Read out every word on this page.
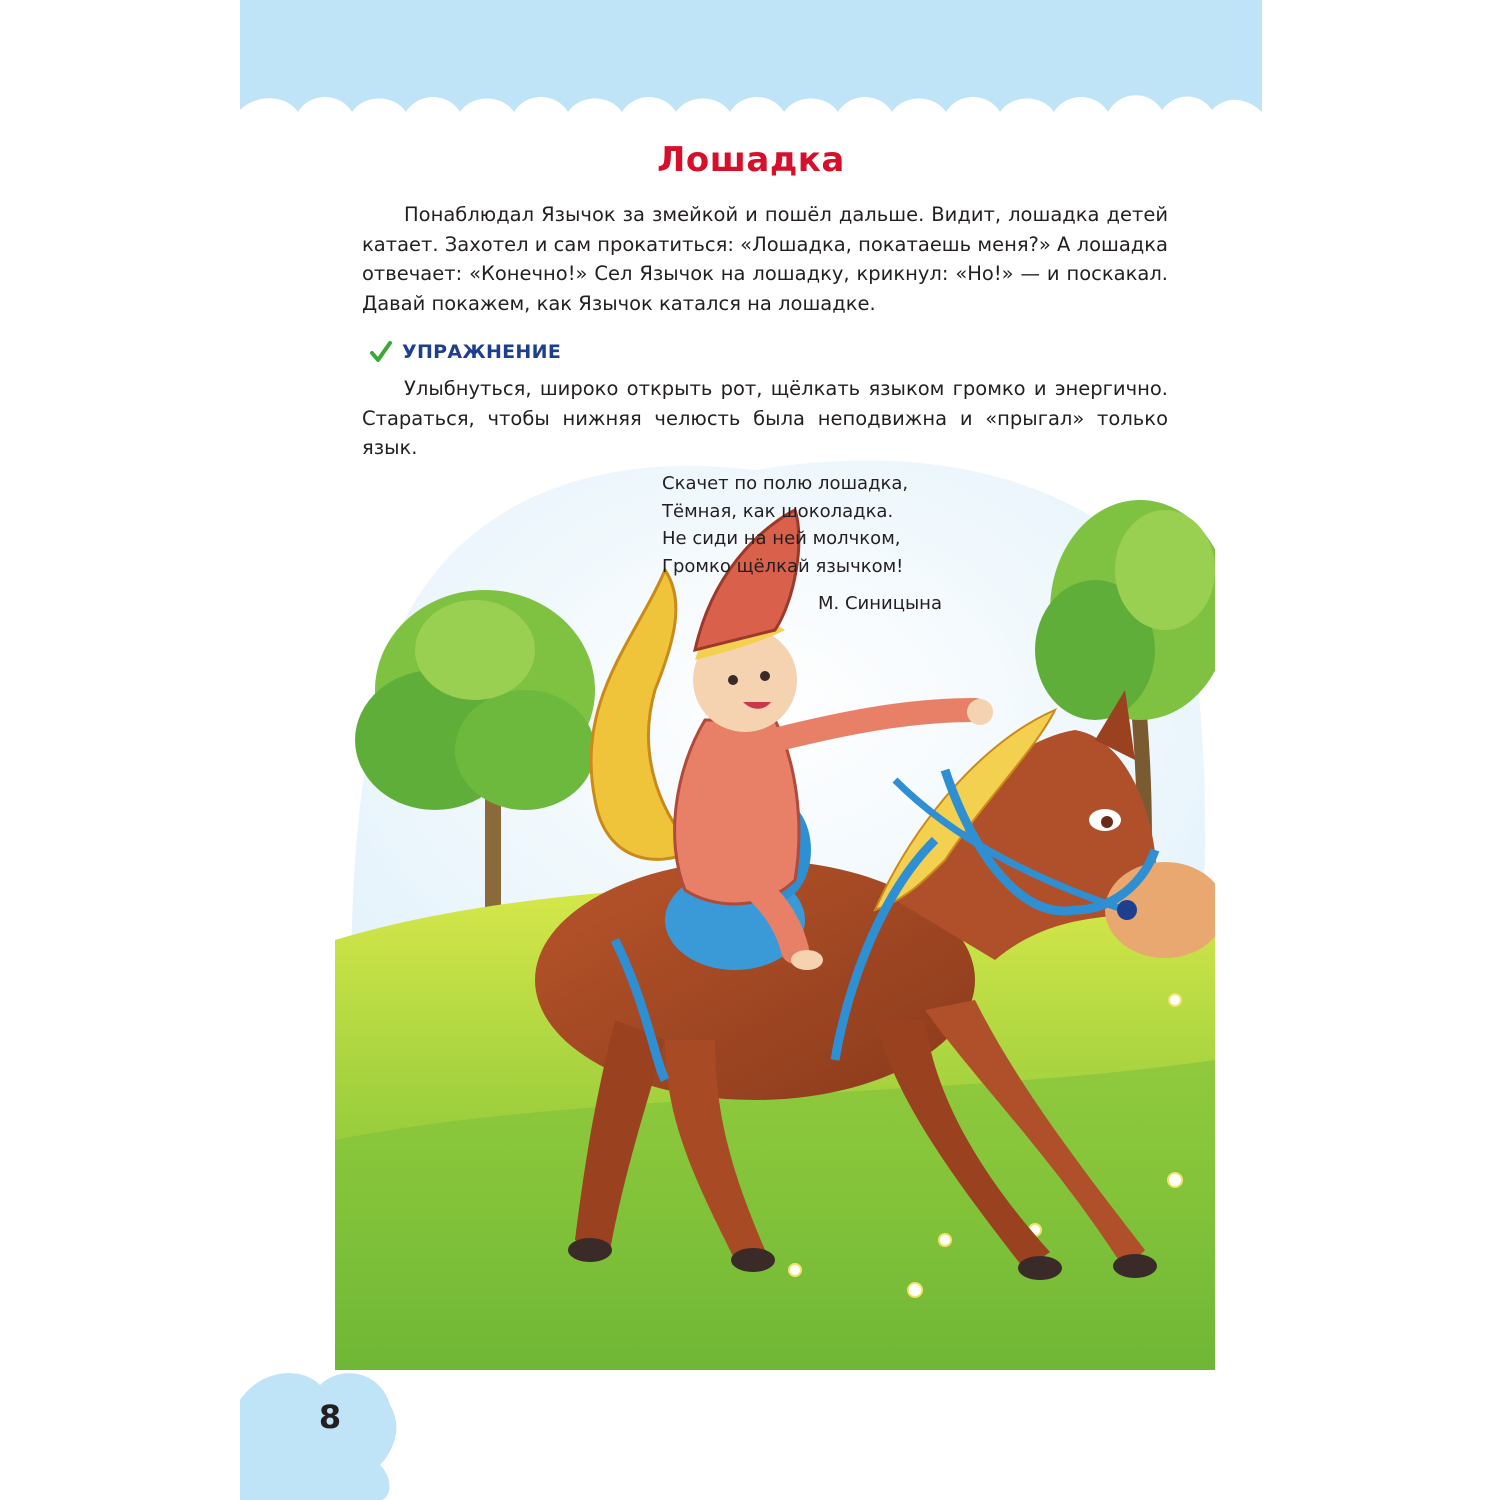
Лошадка

Понаблюдал Язычок за змейкой и пошёл дальше. Видит, лошадка детей катает. Захотел и сам прокатиться: «Лошадка, покатаешь меня?» А лошадка отвечает: «Конечно!» Сел Язычок на лошадку, крикнул: «Но!» — и поскакал. Давай покажем, как Язычок катался на лошадке.

УПРАЖНЕНИЕ

Улыбнуться, широко открыть рот, щёлкать языком громко и энергично. Стараться, чтобы нижняя челюсть была неподвижна и «прыгал» только язык.

Скачет по полю лошадка,
Тёмная, как шоколадка.
Не сиди на ней молчком,
Громко щёлкай язычком!
М. Синицына
8
